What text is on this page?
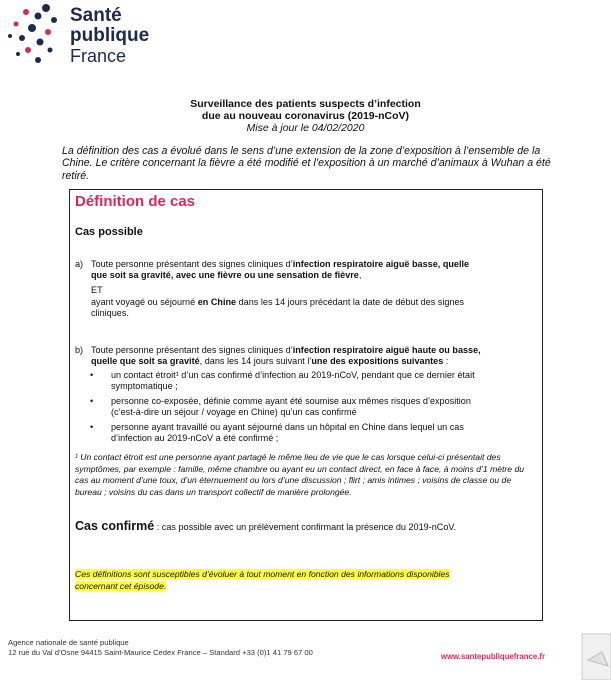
Santé
publique
France
Surveillance des patients suspects d’infection
due au nouveau coronavirus (2019-nCoV)
Mise à jour le 04/02/2020
La définition des cas a évolué dans le sens d’une extension de la zone d’exposition à l’ensemble de la Chine. Le critère concernant la fièvre a été modifié et l’exposition à un marché d’animaux à Wuhan a été retiré.
Définition de cas
Cas possible
a) Toute personne présentant des signes cliniques d’infection respiratoire aiguë basse, quelle
que soit sa gravité, avec une fièvre ou une sensation de fièvre,
ET
ayant voyagé ou séjourné en Chine dans les 14 jours précédant la date de début des signes
cliniques.
b) Toute personne présentant des signes cliniques d’infection respiratoire aiguë haute ou basse,
quelle que soit sa gravité, dans les 14 jours suivant l’une des expositions suivantes :
• un contact étroit¹ d’un cas confirmé d’infection au 2019-nCoV, pendant que ce dernier était
symptomatique ;
• personne co-exposée, définie comme ayant été soumise aux mêmes risques d’exposition
(c’est-à-dire un séjour / voyage en Chine) qu’un cas confirmé
• personne ayant travaillé ou ayant séjourné dans un hôpital en Chine dans lequel un cas
d’infection au 2019-nCoV a été confirmé ;
¹ Un contact étroit est une personne ayant partagé le même lieu de vie que le cas lorsque celui-ci présentait des symptômes, par exemple : famille, même chambre ou ayant eu un contact direct, en face à face, à moins d’1 mètre du cas au moment d’une toux, d’un éternuement ou lors d’une discussion ; flirt ; amis intimes ; voisins de classe ou de bureau ; voisins du cas dans un transport collectif de manière prolongée.
Cas confirmé : cas possible avec un prélèvement confirmant la présence du 2019-nCoV.
Ces définitions sont susceptibles d’évoluer à tout moment en fonction des informations disponibles
concernant cet épisode.
Agence nationale de santé publique
12 rue du Val d’Osne 94415 Saint-Maurice Cedex France – Standard +33 (0)1 41 79 67 00	www.santepubliquefrance.fr
